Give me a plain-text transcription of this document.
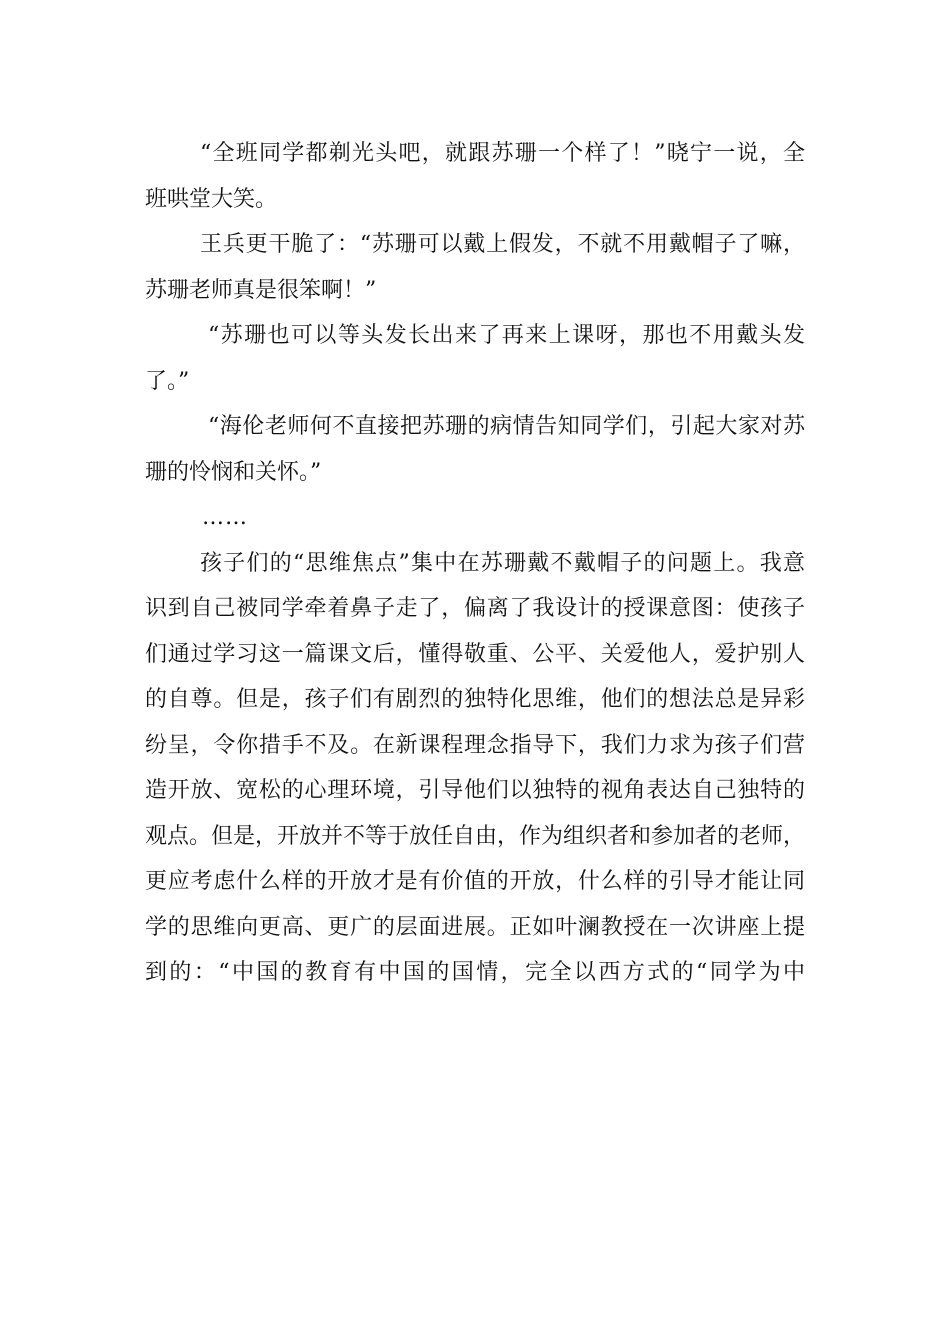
“全班同学都剃光头吧，就跟苏珊一个样了！”晓宁一说，全
班哄堂大笑。
王兵更干脆了：“苏珊可以戴上假发，不就不用戴帽子了嘛，
苏珊老师真是很笨啊！”
“苏珊也可以等头发长出来了再来上课呀，那也不用戴头发
了。”
“海伦老师何不直接把苏珊的病情告知同学们，引起大家对苏
珊的怜悯和关怀。”
……
孩子们的“思维焦点”集中在苏珊戴不戴帽子的问题上。我意
识到自己被同学牵着鼻子走了，偏离了我设计的授课意图：使孩子
们通过学习这一篇课文后，懂得敬重、公平、关爱他人，爱护别人
的自尊。但是，孩子们有剧烈的独特化思维，他们的想法总是异彩
纷呈，令你措手不及。在新课程理念指导下，我们力求为孩子们营
造开放、宽松的心理环境，引导他们以独特的视角表达自己独特的
观点。但是，开放并不等于放任自由，作为组织者和参加者的老师，
更应考虑什么样的开放才是有价值的开放，什么样的引导才能让同
学的思维向更高、更广的层面进展。正如叶澜教授在一次讲座上提
到的：“中国的教育有中国的国情，完全以西方式的“同学为中
